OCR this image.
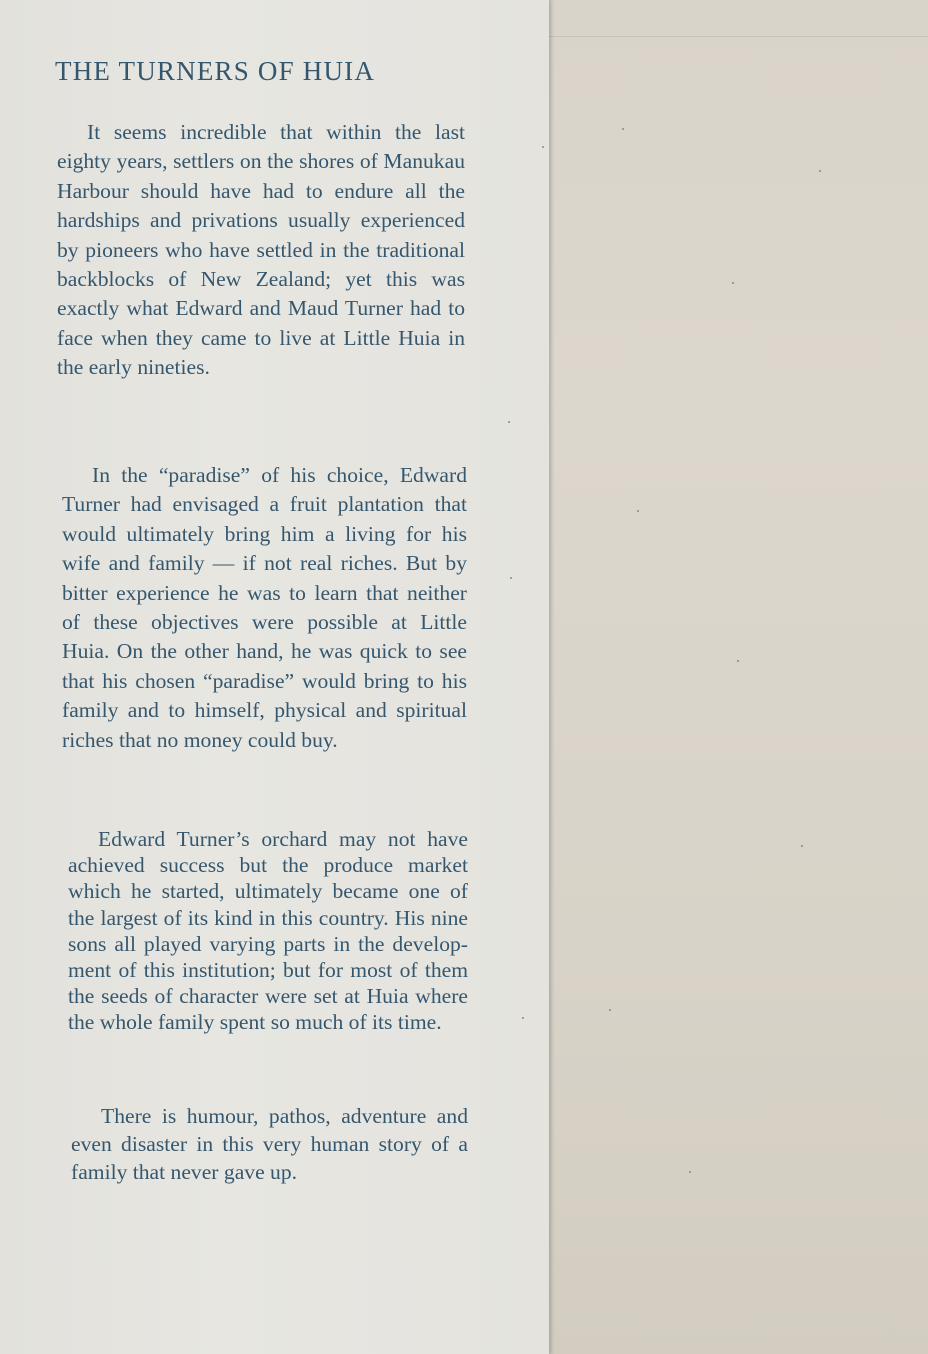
THE TURNERS OF HUIA

It seems incredible that within the last eighty years, settlers on the shores of Manukau Harbour should have had to endure all the hardships and privations usually experienced by pioneers who have settled in the traditional backblocks of New Zealand; yet this was exactly what Edward and Maud Turner had to face when they came to live at Little Huia in the early nineties.

In the “paradise” of his choice, Edward Turner had envisaged a fruit plantation that would ultimately bring him a living for his wife and family — if not real riches. But by bitter experience he was to learn that neither of these objectives were possible at Little Huia. On the other hand, he was quick to see that his chosen “paradise” would bring to his family and to himself, physical and spiritual riches that no money could buy.

Edward Turner’s orchard may not have achieved success but the produce market which he started, ultimately became one of the largest of its kind in this country. His nine sons all played varying parts in the development of this institution; but for most of them the seeds of character were set at Huia where the whole family spent so much of its time.

There is humour, pathos, adventure and even disaster in this very human story of a family that never gave up.
